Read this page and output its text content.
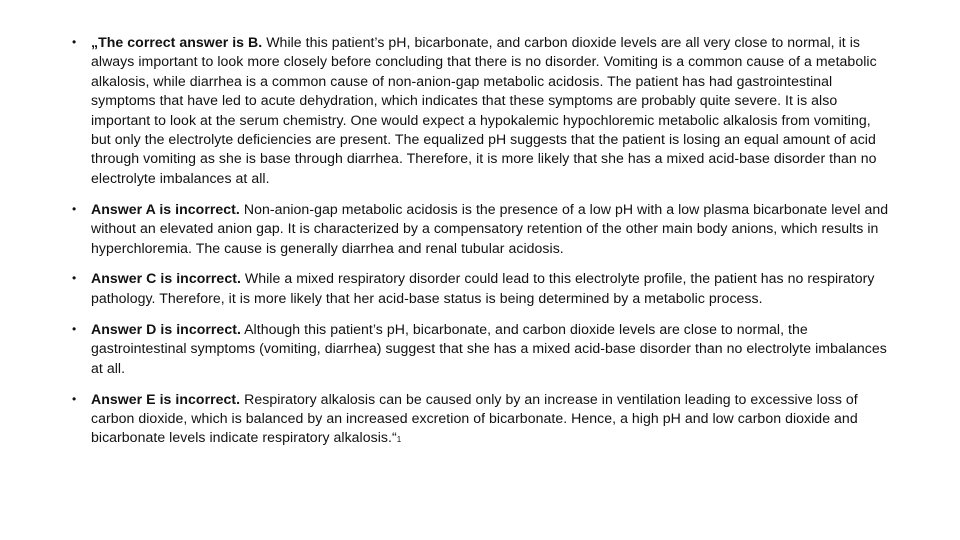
• „The correct answer is B. While this patient’s pH, bicarbonate, and carbon dioxide levels are all very close to normal, it is always important to look more closely before concluding that there is no disorder. Vomiting is a common cause of a metabolic alkalosis, while diarrhea is a common cause of non-anion-gap metabolic acidosis. The patient has had gastrointestinal symptoms that have led to acute dehydration, which indicates that these symptoms are probably quite severe. It is also important to look at the serum chemistry. One would expect a hypokalemic hypochloremic metabolic alkalosis from vomiting, but only the electrolyte deficiencies are present. The equalized pH suggests that the patient is losing an equal amount of acid through vomiting as she is base through diarrhea. Therefore, it is more likely that she has a mixed acid-base disorder than no electrolyte imbalances at all.
• Answer A is incorrect. Non-anion-gap metabolic acidosis is the presence of a low pH with a low plasma bicarbonate level and without an elevated anion gap. It is characterized by a compensatory retention of the other main body anions, which results in hyperchloremia. The cause is generally diarrhea and renal tubular acidosis.
• Answer C is incorrect. While a mixed respiratory disorder could lead to this electrolyte profile, the patient has no respiratory pathology. Therefore, it is more likely that her acid-base status is being determined by a metabolic process.
• Answer D is incorrect. Although this patient’s pH, bicarbonate, and carbon dioxide levels are close to normal, the gastrointestinal symptoms (vomiting, diarrhea) suggest that she has a mixed acid-base disorder than no electrolyte imbalances at all.
• Answer E is incorrect. Respiratory alkalosis can be caused only by an increase in ventilation leading to excessive loss of carbon dioxide, which is balanced by an increased excretion of bicarbonate. Hence, a high pH and low carbon dioxide and bicarbonate levels indicate respiratory alkalosis.“1
